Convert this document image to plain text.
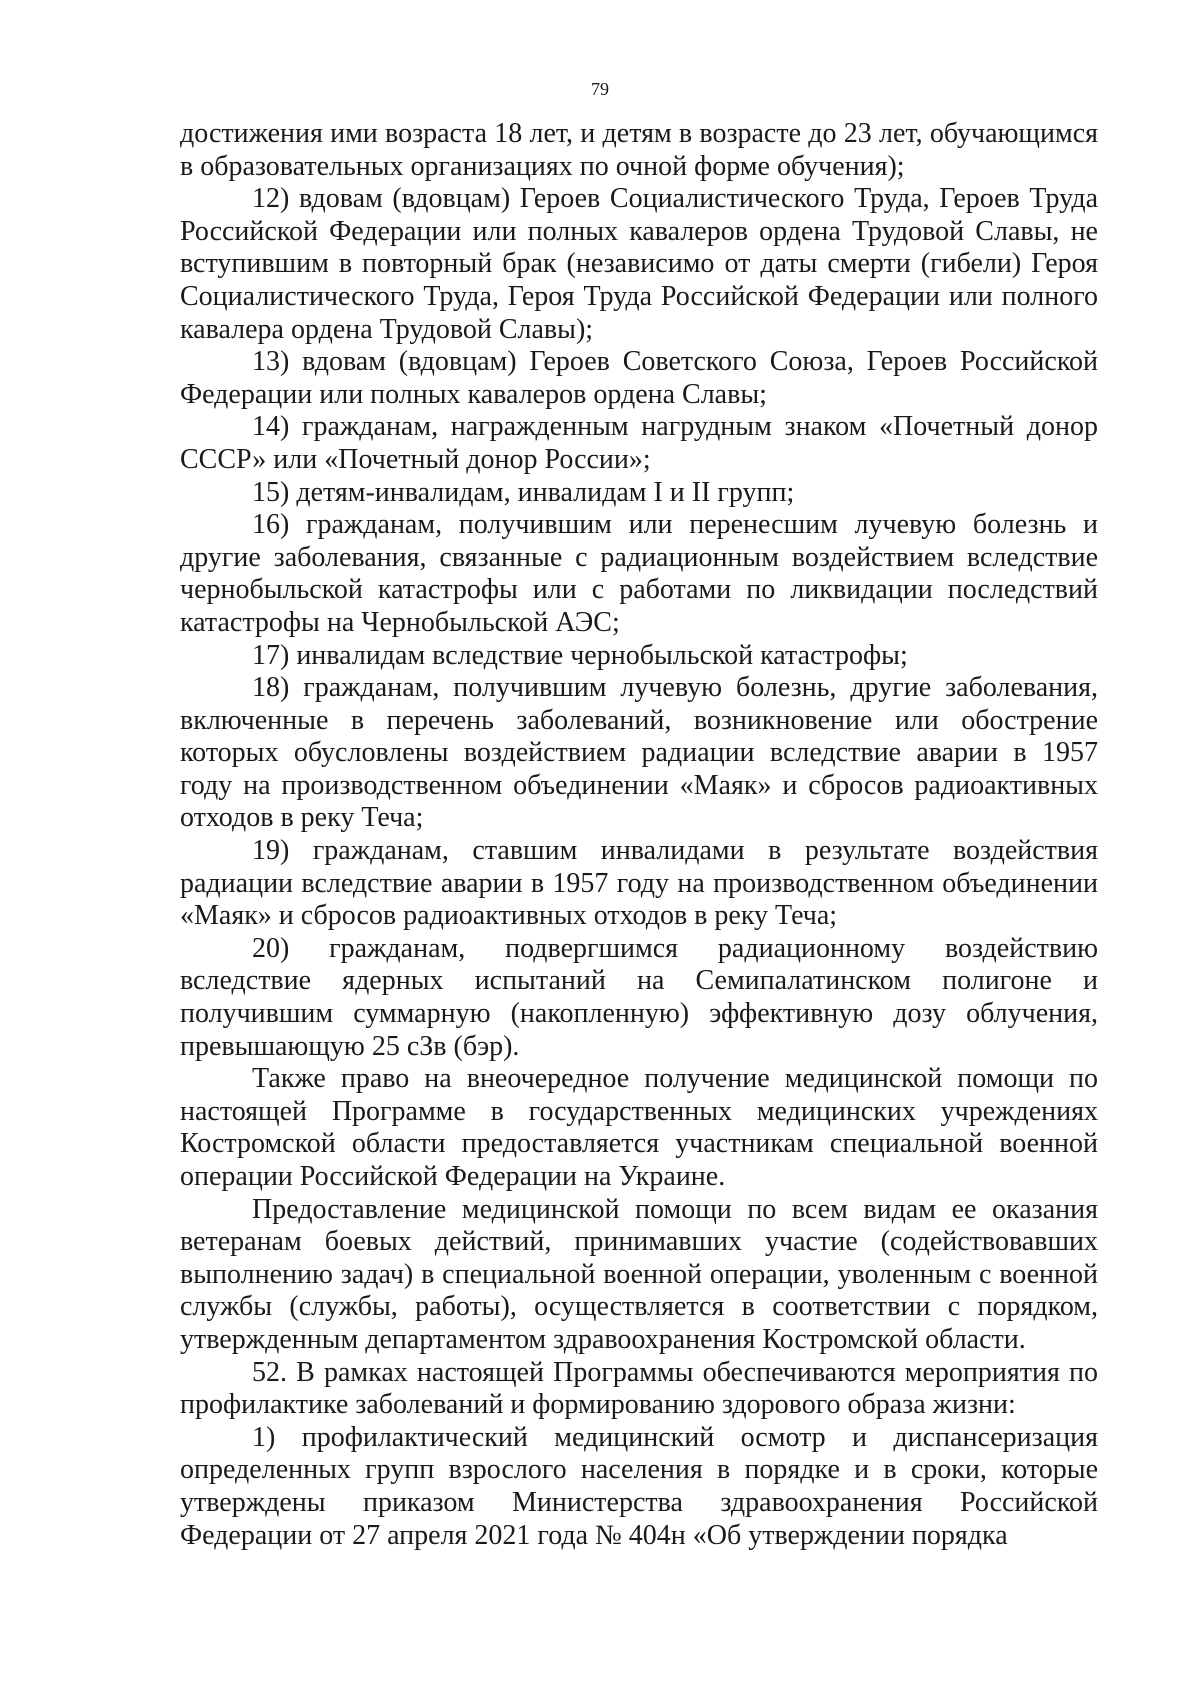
79

достижения ими возраста 18 лет, и детям в возрасте до 23 лет, обучающимся в образовательных организациях по очной форме обучения);

12) вдовам (вдовцам) Героев Социалистического Труда, Героев Труда Российской Федерации или полных кавалеров ордена Трудовой Славы, не вступившим в повторный брак (независимо от даты смерти (гибели) Героя Социалистического Труда, Героя Труда Российской Федерации или полного кавалера ордена Трудовой Славы);

13) вдовам (вдовцам) Героев Советского Союза, Героев Российской Федерации или полных кавалеров ордена Славы;

14) гражданам, награжденным нагрудным знаком «Почетный донор СССР» или «Почетный донор России»;

15) детям-инвалидам, инвалидам I и II групп;

16) гражданам, получившим или перенесшим лучевую болезнь и другие заболевания, связанные с радиационным воздействием вследствие чернобыльской катастрофы или с работами по ликвидации последствий катастрофы на Чернобыльской АЭС;

17) инвалидам вследствие чернобыльской катастрофы;

18) гражданам, получившим лучевую болезнь, другие заболевания, включенные в перечень заболеваний, возникновение или обострение которых обусловлены воздействием радиации вследствие аварии в 1957 году на производственном объединении «Маяк» и сбросов радиоактивных отходов в реку Теча;

19) гражданам, ставшим инвалидами в результате воздействия радиации вследствие аварии в 1957 году на производственном объединении «Маяк» и сбросов радиоактивных отходов в реку Теча;

20) гражданам, подвергшимся радиационному воздействию вследствие ядерных испытаний на Семипалатинском полигоне и получившим суммарную (накопленную) эффективную дозу облучения, превышающую 25 сЗв (бэр).

Также право на внеочередное получение медицинской помощи по настоящей Программе в государственных медицинских учреждениях Костромской области предоставляется участникам специальной военной операции Российской Федерации на Украине.

Предоставление медицинской помощи по всем видам ее оказания ветеранам боевых действий, принимавших участие (содействовавших выполнению задач) в специальной военной операции, уволенным с военной службы (службы, работы), осуществляется в соответствии с порядком, утвержденным департаментом здравоохранения Костромской области.

52. В рамках настоящей Программы обеспечиваются мероприятия по профилактике заболеваний и формированию здорового образа жизни:

1) профилактический медицинский осмотр и диспансеризация определенных групп взрослого населения в порядке и в сроки, которые утверждены приказом Министерства здравоохранения Российской Федерации от 27 апреля 2021 года № 404н «Об утверждении порядка
